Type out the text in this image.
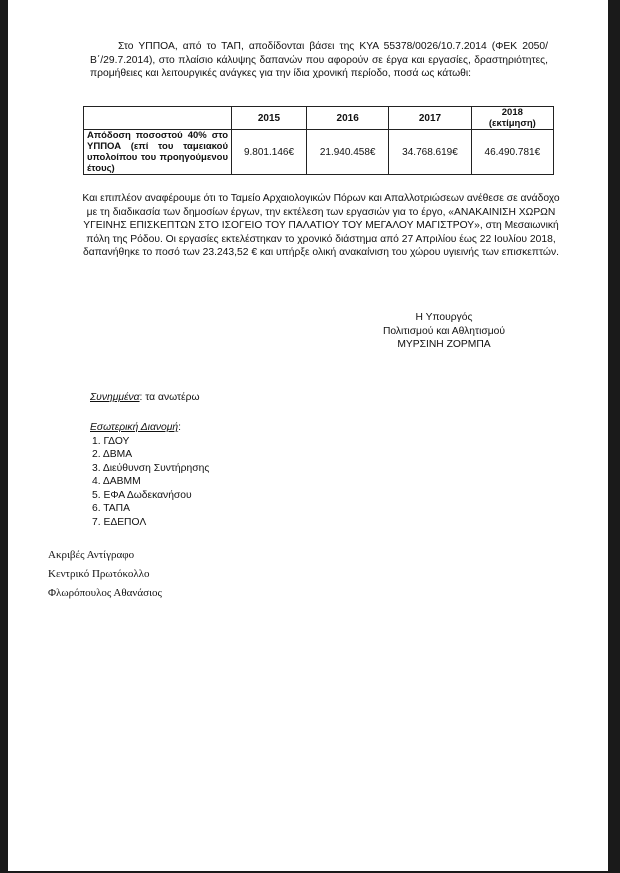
Στο ΥΠΠΟΑ, από το ΤΑΠ, αποδίδονται βάσει της ΚΥΑ 55378/0026/10.7.2014 (ΦΕΚ 2050/Β΄/29.7.2014), στο πλαίσιο κάλυψης δαπανών που αφορούν σε έργα και εργασίες, δραστηριότητες, προμήθειες και λειτουργικές ανάγκες για την ίδια χρονική περίοδο, ποσά ως κάτωθι:
	2015	2016	2017	2018
(εκτίμηση)

Απόδοση ποσοστού 40% στο ΥΠΠΟΑ (επί του ταμειακού υπολοίπου του προηγούμενου έτους)	9.801.146€	21.940.458€	34.768.619€	46.490.781€
Και επιπλέον αναφέρουμε ότι το Ταμείο Αρχαιολογικών Πόρων και Απαλλοτριώσεων ανέθεσε σε ανάδοχο με τη διαδικασία των δημοσίων έργων, την εκτέλεση των εργασιών για το έργο, «ΑΝΑΚΑΙΝΙΣΗ ΧΩΡΩΝ ΥΓΕΙΝΗΣ ΕΠΙΣΚΕΠΤΩΝ ΣΤΟ ΙΣΟΓΕΙΟ ΤΟΥ ΠΑΛΑΤΙΟΥ ΤΟΥ ΜΕΓΑΛΟΥ ΜΑΓΙΣΤΡΟΥ», στη Μεσαιωνική πόλη της Ρόδου. Οι εργασίες εκτελέστηκαν το χρονικό διάστημα από 27 Απριλίου έως 22 Ιουλίου 2018, δαπανήθηκε το ποσό των 23.243,52 € και υπήρξε ολική ανακαίνιση του χώρου υγιεινής των επισκεπτών.
Η Υπουργός
Πολιτισμού και Αθλητισμού
ΜΥΡΣΙΝΗ ΖΟΡΜΠΑ
Συνημμένα: τα ανωτέρω
Εσωτερική Διανομή:
1. ΓΔΟΥ
2. ΔΒΜΑ
3. Διεύθυνση Συντήρησης
4. ΔΑΒΜΜ
5. ΕΦΑ Δωδεκανήσου
6. ΤΑΠΑ
7. ΕΔΕΠΟΛ
Ακριβές Αντίγραφο
Κεντρικό Πρωτόκολλο
Φλωρόπουλος Αθανάσιος
